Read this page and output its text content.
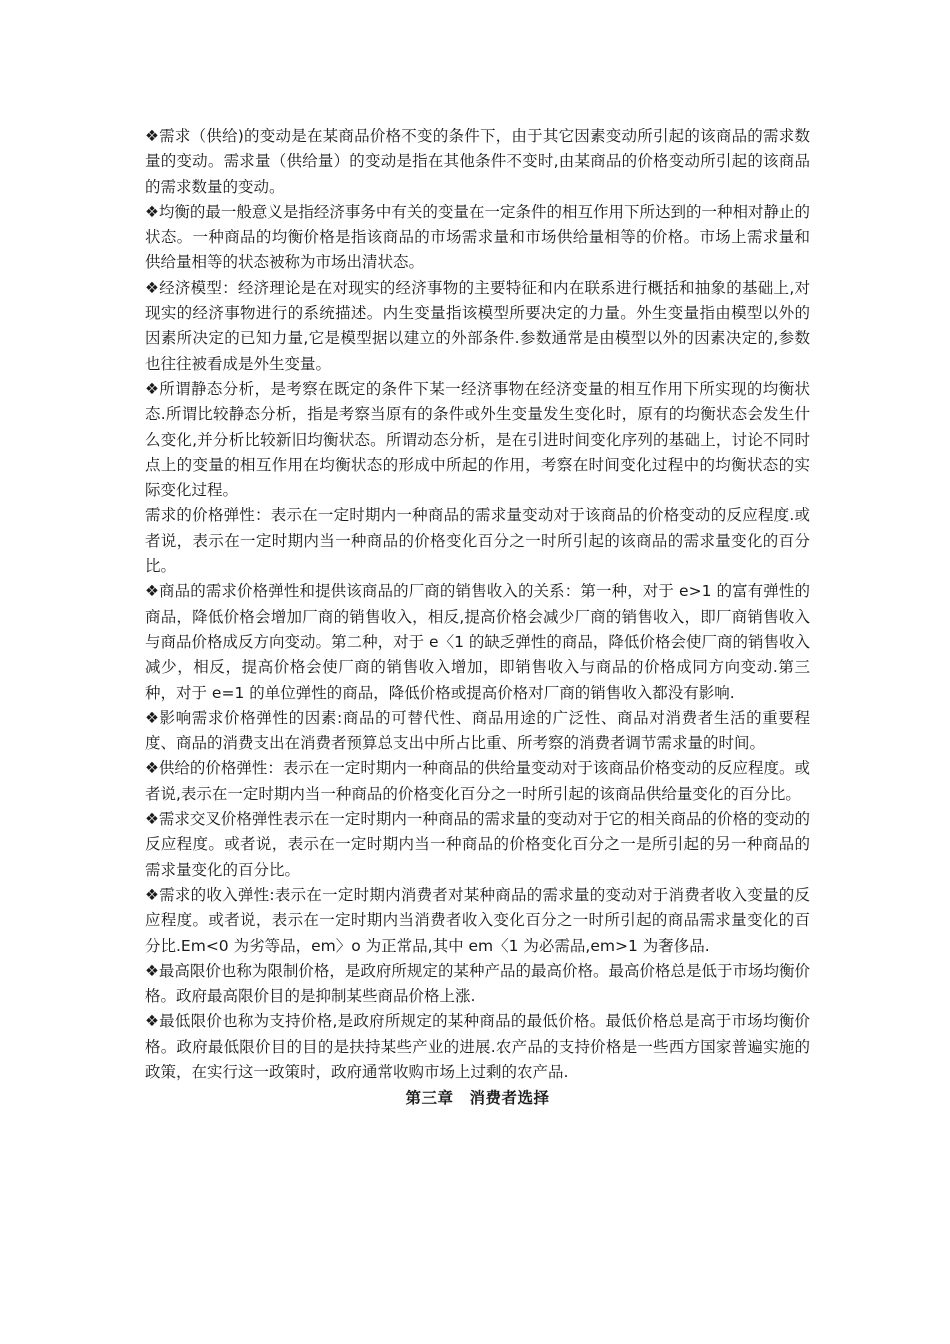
❖需求（供给)的变动是在某商品价格不变的条件下，由于其它因素变动所引起的该商品的需求数量的变动。需求量（供给量）的变动是指在其他条件不变时,由某商品的价格变动所引起的该商品的需求数量的变动。

❖均衡的最一般意义是指经济事务中有关的变量在一定条件的相互作用下所达到的一种相对静止的状态。一种商品的均衡价格是指该商品的市场需求量和市场供给量相等的价格。市场上需求量和供给量相等的状态被称为市场出清状态。

❖经济模型：经济理论是在对现实的经济事物的主要特征和内在联系进行概括和抽象的基础上,对现实的经济事物进行的系统描述。内生变量指该模型所要决定的力量。外生变量指由模型以外的因素所决定的已知力量,它是模型据以建立的外部条件.参数通常是由模型以外的因素决定的,参数也往往被看成是外生变量。

❖所谓静态分析，是考察在既定的条件下某一经济事物在经济变量的相互作用下所实现的均衡状态.所谓比较静态分析，指是考察当原有的条件或外生变量发生变化时，原有的均衡状态会发生什么变化,并分析比较新旧均衡状态。所谓动态分析，是在引进时间变化序列的基础上，讨论不同时点上的变量的相互作用在均衡状态的形成中所起的作用，考察在时间变化过程中的均衡状态的实际变化过程。

需求的价格弹性：表示在一定时期内一种商品的需求量变动对于该商品的价格变动的反应程度.或者说，表示在一定时期内当一种商品的价格变化百分之一时所引起的该商品的需求量变化的百分比。

❖商品的需求价格弹性和提供该商品的厂商的销售收入的关系：第一种，对于 e>1 的富有弹性的商品，降低价格会增加厂商的销售收入，相反,提高价格会减少厂商的销售收入，即厂商销售收入与商品价格成反方向变动。第二种，对于 e〈1 的缺乏弹性的商品，降低价格会使厂商的销售收入减少，相反，提高价格会使厂商的销售收入增加，即销售收入与商品的价格成同方向变动.第三种，对于 e=1 的单位弹性的商品，降低价格或提高价格对厂商的销售收入都没有影响.

❖影响需求价格弹性的因素:商品的可替代性、商品用途的广泛性、商品对消费者生活的重要程度、商品的消费支出在消费者预算总支出中所占比重、所考察的消费者调节需求量的时间。

❖供给的价格弹性：表示在一定时期内一种商品的供给量变动对于该商品价格变动的反应程度。或者说,表示在一定时期内当一种商品的价格变化百分之一时所引起的该商品供给量变化的百分比。

❖需求交叉价格弹性表示在一定时期内一种商品的需求量的变动对于它的相关商品的价格的变动的反应程度。或者说，表示在一定时期内当一种商品的价格变化百分之一是所引起的另一种商品的需求量变化的百分比。

❖需求的收入弹性:表示在一定时期内消费者对某种商品的需求量的变动对于消费者收入变量的反应程度。或者说，表示在一定时期内当消费者收入变化百分之一时所引起的商品需求量变化的百分比.Em<0 为劣等品，em〉o 为正常品,其中 em〈1 为必需品,em>1 为奢侈品.

❖最高限价也称为限制价格，是政府所规定的某种产品的最高价格。最高价格总是低于市场均衡价格。政府最高限价目的是抑制某些商品价格上涨.

❖最低限价也称为支持价格,是政府所规定的某种商品的最低价格。最低价格总是高于市场均衡价格。政府最低限价目的目的是扶持某些产业的进展.农产品的支持价格是一些西方国家普遍实施的政策，在实行这一政策时，政府通常收购市场上过剩的农产品.

第三章　消费者选择
